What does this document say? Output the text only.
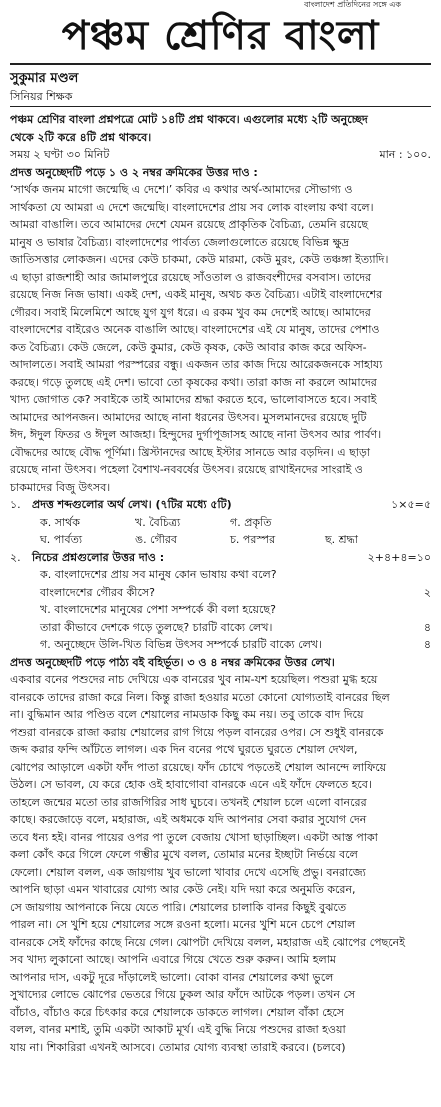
বাংলাদেশ প্রতিদিনের সঙ্গে এক
পঞ্চম শ্রেণির বাংলা
সুকুমার মণ্ডল
সিনিয়র শিক্ষক
পঞ্চম শ্রেণির বাংলা প্রশ্নপত্রে মোট ১৪টি প্রশ্ন থাকবে। এগুলোর মধ্যে ২টি অনুচ্ছেদ
থেকে ২টি করে ৪টি প্রশ্ন থাকবে।
সময় ২ ঘণ্টা ৩০ মিনিট	মান : ১০০.
প্রদত্ত অনুচ্ছেদটি পড়ে ১ ও ২ নম্বর ক্রমিকের উত্তর দাও :
‘সার্থক জনম মাগো জন্মেছি এ দেশে।’ কবির এ কথার অর্থ-আমাদের সৌভাগ্য ও
সার্থকতা যে আমরা এ দেশে জন্মেছি। বাংলাদেশের প্রায় সব লোক বাংলায় কথা বলে।
আমরা বাঙালি। তবে আমাদের দেশে যেমন রয়েছে প্রাকৃতিক বৈচিত্র্য, তেমনি রয়েছে
মানুষ ও ভাষার বৈচিত্র্য। বাংলাদেশের পার্বত্য জেলাগুলোতে রয়েছে বিভিন্ন ক্ষুদ্র
জাতিসত্তার লোকজন। এদের কেউ চাকমা, কেউ মারমা, কেউ মুরং, কেউ তঞ্চঙ্গা ইত্যাদি।
এ ছাড়া রাজশাহী আর জামালপুরে রয়েছে সাঁওতাল ও রাজবংশীদের বসবাস। তাদের
রয়েছে নিজ নিজ ভাষা। একই দেশ, একই মানুষ, অথচ কত বৈচিত্র্য। এটাই বাংলাদেশের
গৌরব। সবাই মিলেমিশে আছে যুগ যুগ ধরে। এ রকম খুব কম দেশেই আছে। আমাদের
বাংলাদেশের বাইরেও অনেক বাঙালি আছে। বাংলাদেশের এই যে মানুষ, তাদের পেশাও
কত বৈচিত্র্য। কেউ জেলে, কেউ কুমার, কেউ কৃষক, কেউ আবার কাজ করে অফিস-
আদালতে। সবাই আমরা পরস্পরের বন্ধু। একজন তার কাজ দিয়ে আরেকজনকে সাহায্য
করছে। গড়ে তুলছে এই দেশ। ভাবো তো কৃষকের কথা। তারা কাজ না করলে আমাদের
খাদ্য জোগাত কে? সবাইকে তাই আমাদের শ্রদ্ধা করতে হবে, ভালোবাসতে হবে। সবাই
আমাদের আপনজন। আমাদের আছে নানা ধরনের উৎসব। মুসলমানদের রয়েছে দুটি
ঈদ, ঈদুল ফিতর ও ঈদুল আজহা। হিন্দুদের দুর্গাপূজাসহ আছে নানা উৎসব আর পার্বণ।
বৌদ্ধদের আছে বৌদ্ধ পূর্ণিমা। খ্রিস্টানদের আছে ইস্টার সানডে আর বড়দিন। এ ছাড়া
রয়েছে নানা উৎসব। পহেলা বৈশাখ-নববর্ষের উৎসব। রয়েছে রাখাইনদের সাংরাই ও
চাকমাদের বিজু উৎসব।
১.	প্রদত্ত শব্দগুলোর অর্থ লেখ। (৭টির মধ্যে ৫টি)	১×৫=৫
ক. সার্থক	খ. বৈচিত্র্য	গ. প্রকৃতি
ঘ. পার্বত্য	ঙ. গৌরব	চ. পরস্পর	ছ. শ্রদ্ধা
২.	নিচের প্রশ্নগুলোর উত্তর দাও :	২+৪+৪=১০
ক. বাংলাদেশের প্রায় সব মানুষ কোন ভাষায় কথা বলে?
বাংলাদেশের গৌরব কীসে?	২
খ. বাংলাদেশের মানুষের পেশা সম্পর্কে কী বলা হয়েছে?
তারা কীভাবে দেশকে গড়ে তুলছে? চারটি বাক্যে লেখ।	৪
গ. অনুচ্ছেদে উলি-খিত বিভিন্ন উৎসব সম্পর্কে চারটি বাক্যে লেখ।	৪
প্রদত্ত অনুচ্ছেদটি পড়ে পাঠ্য বই বহির্ভূত। ৩ ও ৪ নম্বর ক্রমিকের উত্তর লেখ।
একবার বনের পশুদের নাচ দেখিয়ে এক বানরের খুব নাম-যশ হয়েছিল। পশুরা মুগ্ধ হয়ে
বানরকে তাদের রাজা করে নিল। কিন্তু রাজা হওয়ার মতো কোনো যোগ্যতাই বানরের ছিল
না। বুদ্ধিমান আর পণ্ডিত বলে শেয়ালের নামডাক কিছু কম নয়। তবু তাকে বাদ দিয়ে
পশুরা বানরকে রাজা করায় শেয়ালের রাগ গিয়ে পড়ল বানরের ওপর। সে শুধুই বানরকে
জব্দ করার ফন্দি আঁটতে লাগল। এক দিন বনের পথে ঘুরতে ঘুরতে শেয়াল দেখল,
ঝোপের আড়ালে একটা ফাঁদ পাতা রয়েছে। ফাঁদ চোখে পড়তেই শেয়াল আনন্দে লাফিয়ে
উঠল। সে ভাবল, যে করে হোক ওই হাবাগোবা বানরকে এনে এই ফাঁদে ফেলতে হবে।
তাহলে জন্মের মতো তার রাজগিরির সাধ ঘুচবে। তখনই শেয়াল চলে এলো বানরের
কাছে। করজোড়ে বলে, মহারাজ, এই অধমকে যদি আপনার সেবা করার সুযোগ দেন
তবে ধন্য হই। বানর পায়ের ওপর পা তুলে বেজায় খোসা ছাড়াচ্ছিল। একটা আস্ত পাকা
কলা কোঁৎ করে গিলে ফেলে গম্ভীর মুখে বলল, তোমার মনের ইচ্ছাটা নির্ভয়ে বলে
ফেলো। শেয়াল বলল, এক জায়গায় খুব ভালো খাবার দেখে এসেছি প্রভু। বনরাজ্যে
আপনি ছাড়া এমন খাবারের যোগ্য আর কেউ নেই। যদি দয়া করে অনুমতি করেন,
সে জায়গায় আপনাকে নিয়ে যেতে পারি। শেয়ালের চালাকি বানর কিছুই বুঝতে
পারল না। সে খুশি হয়ে শেয়ালের সঙ্গে রওনা হলো। মনের খুশি মনে চেপে শেয়াল
বানরকে সেই ফাঁদের কাছে নিয়ে গেল। ঝোপটা দেখিয়ে বলল, মহারাজ এই ঝোপের পেছনেই
সব খাদ্য লুকানো আছে। আপনি এবারে গিয়ে খেতে শুরু করুন। আমি হলাম
আপনার দাস, একটু দূরে দাঁড়ালেই ভালো। বোকা বানর শেয়ালের কথা ভুলে
সুখাদ্যের লোভে ঝোপের ভেতরে গিয়ে ঢুকল আর ফাঁদে আটকে পড়ল। তখন সে
বাঁচাও, বাঁচাও করে চিৎকার করে শেয়ালকে ডাকতে লাগল। শেয়াল বাঁকা হেসে
বলল, বানর মশাই, তুমি একটা আকাট মূর্খ। এই বুদ্ধি নিয়ে পশুদের রাজা হওয়া
যায় না। শিকারিরা এখনই আসবে। তোমার যোগ্য ব্যবস্থা তারাই করবে। (চলবে)
